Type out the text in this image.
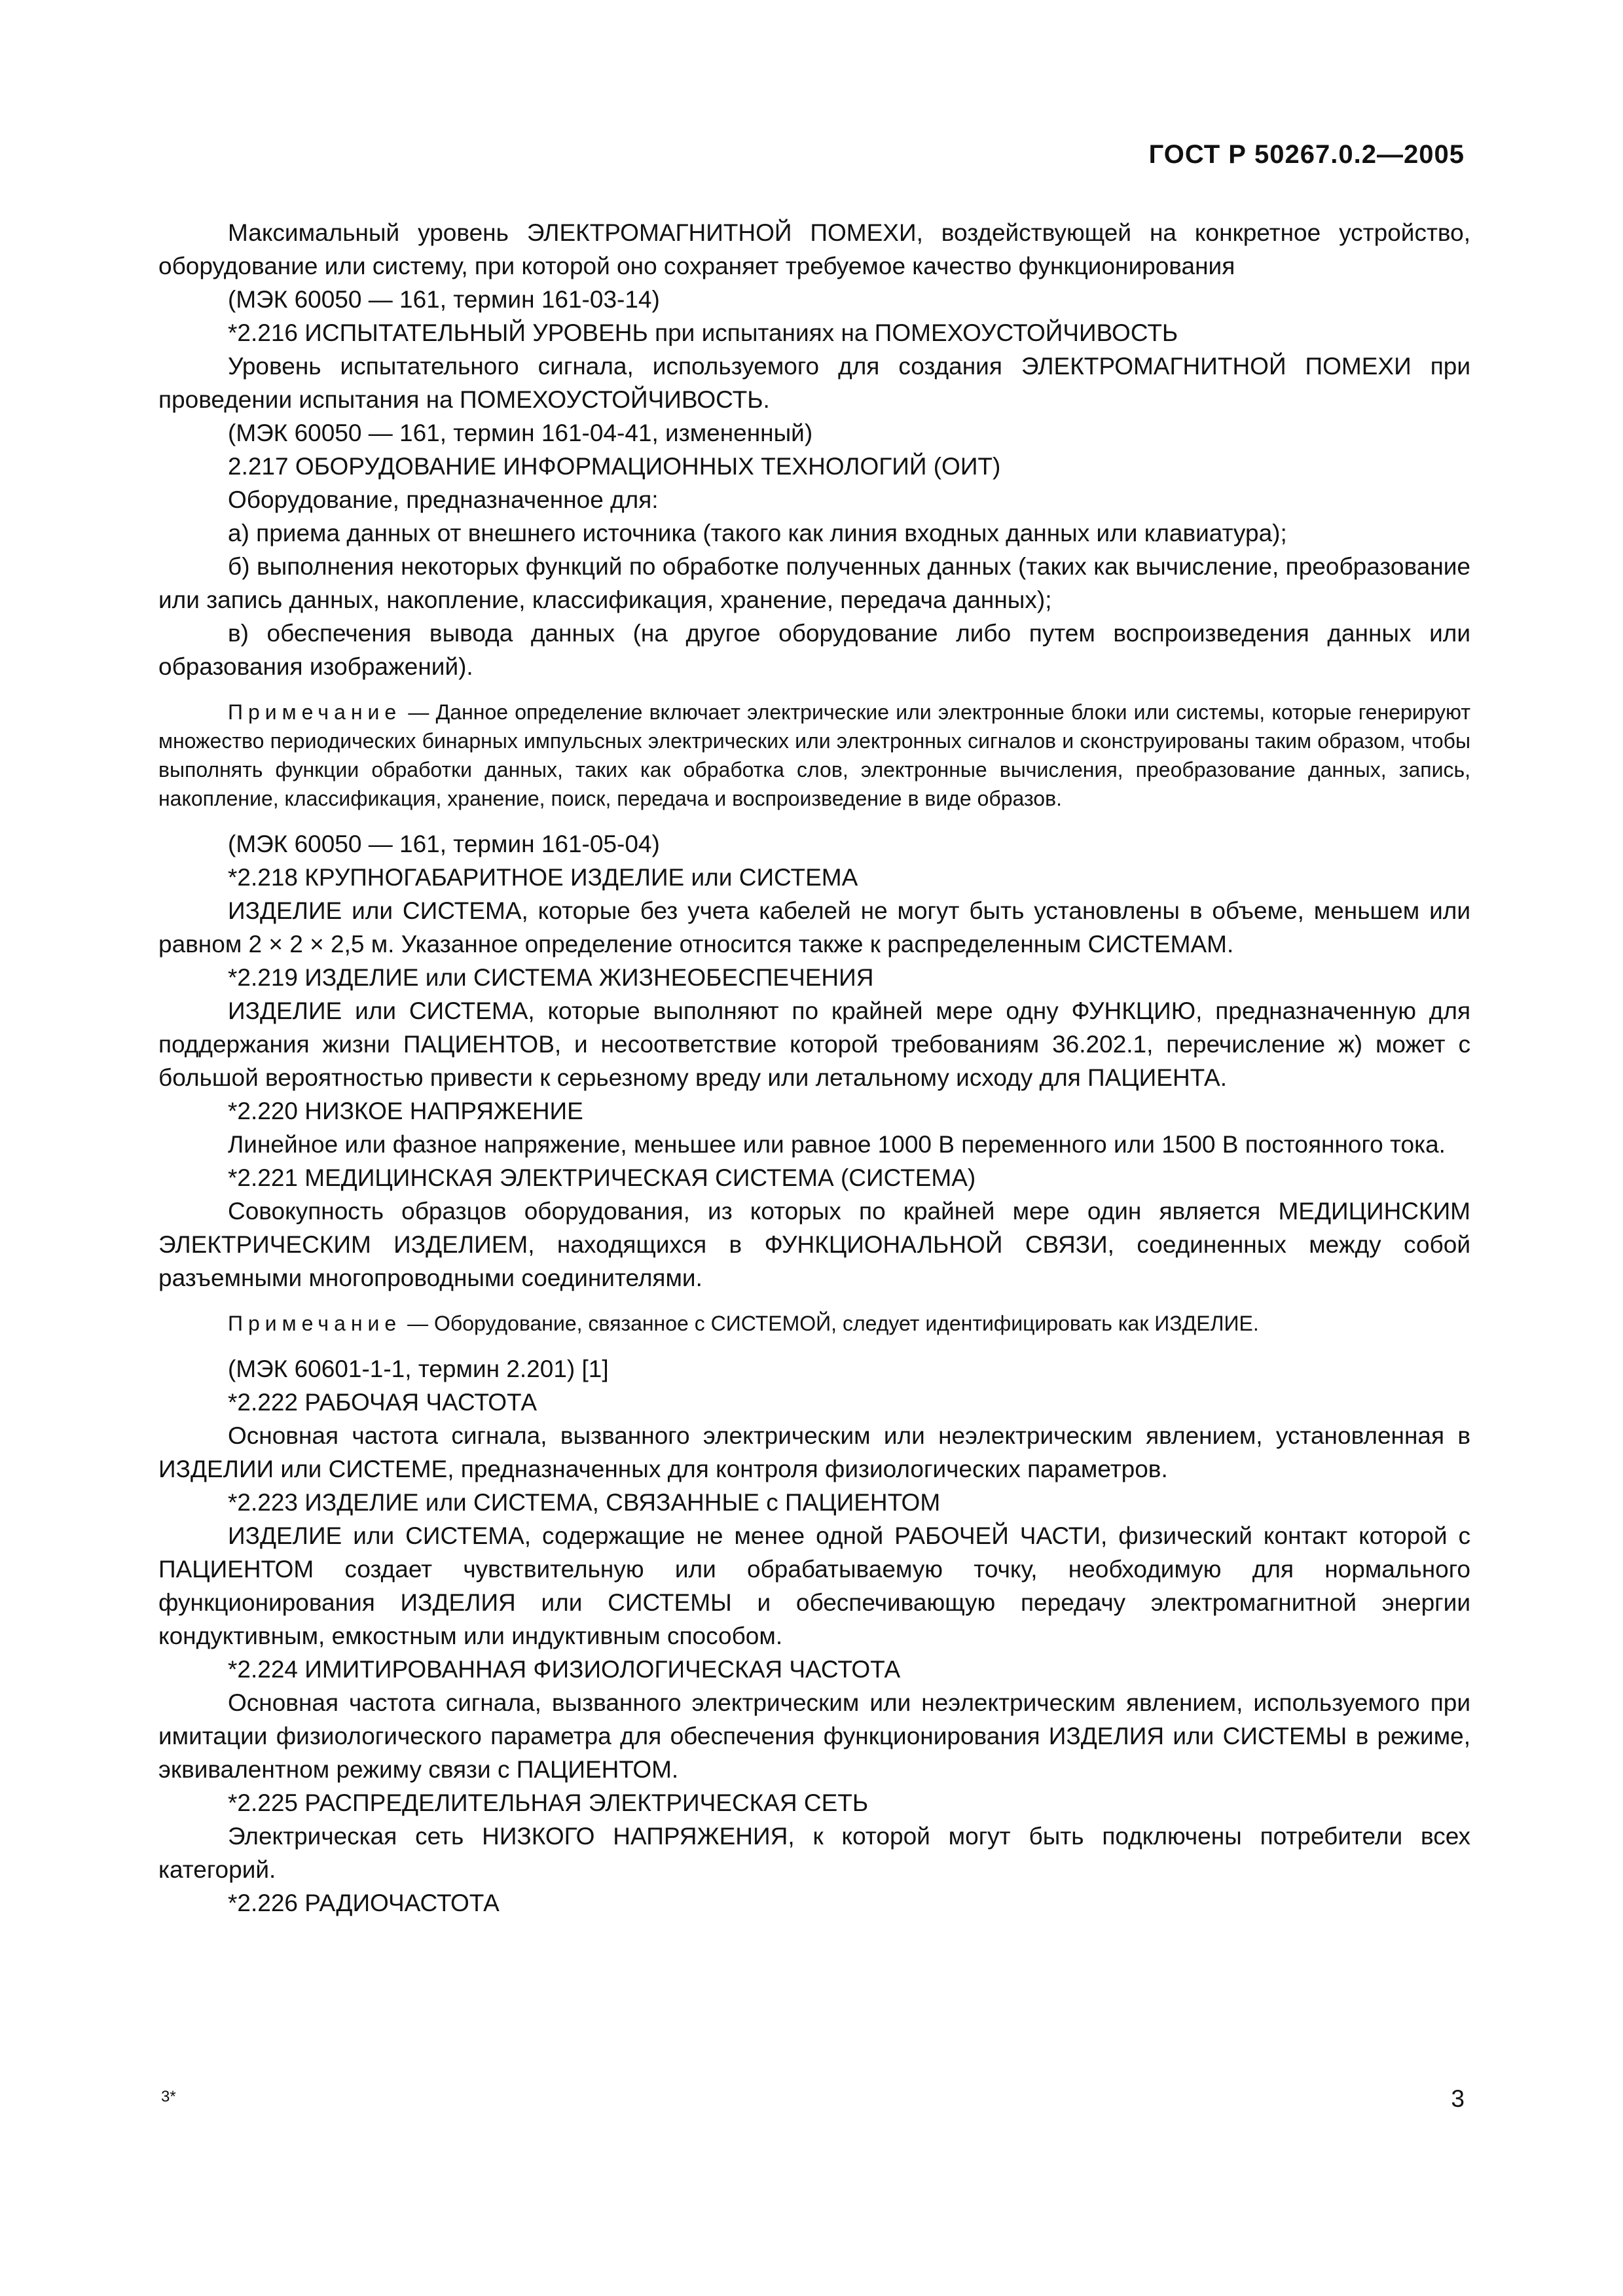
ГОСТ Р 50267.0.2—2005

Максимальный уровень ЭЛЕКТРОМАГНИТНОЙ ПОМЕХИ, воздействующей на конкретное устройство, оборудование или систему, при которой оно сохраняет требуемое качество функционирования

(МЭК 60050 — 161, термин 161-03-14)

*2.216 ИСПЫТАТЕЛЬНЫЙ УРОВЕНЬ при испытаниях на ПОМЕХОУСТОЙЧИВОСТЬ

Уровень испытательного сигнала, используемого для создания ЭЛЕКТРОМАГНИТНОЙ ПОМЕХИ при проведении испытания на ПОМЕХОУСТОЙЧИВОСТЬ.

(МЭК 60050 — 161, термин 161-04-41, измененный)

2.217 ОБОРУДОВАНИЕ ИНФОРМАЦИОННЫХ ТЕХНОЛОГИЙ (ОИТ)

Оборудование, предназначенное для:

а) приема данных от внешнего источника (такого как линия входных данных или клавиатура);

б) выполнения некоторых функций по обработке полученных данных (таких как вычисление, преобразование или запись данных, накопление, классификация, хранение, передача данных);

в) обеспечения вывода данных (на другое оборудование либо путем воспроизведения данных или образования изображений).

Примечание — Данное определение включает электрические или электронные блоки или системы, которые генерируют множество периодических бинарных импульсных электрических или электронных сигналов и сконструированы таким образом, чтобы выполнять функции обработки данных, таких как обработка слов, электронные вычисления, преобразование данных, запись, накопление, классификация, хранение, поиск, передача и воспроизведение в виде образов.

(МЭК 60050 — 161, термин 161-05-04)

*2.218 КРУПНОГАБАРИТНОЕ ИЗДЕЛИЕ или СИСТЕМА

ИЗДЕЛИЕ или СИСТЕМА, которые без учета кабелей не могут быть установлены в объеме, меньшем или равном 2 × 2 × 2,5 м. Указанное определение относится также к распределенным СИСТЕМАМ.

*2.219 ИЗДЕЛИЕ или СИСТЕМА ЖИЗНЕОБЕСПЕЧЕНИЯ

ИЗДЕЛИЕ или СИСТЕМА, которые выполняют по крайней мере одну ФУНКЦИЮ, предназначенную для поддержания жизни ПАЦИЕНТОВ, и несоответствие которой требованиям 36.202.1, перечисление ж) может с большой вероятностью привести к серьезному вреду или летальному исходу для ПАЦИЕНТА.

*2.220 НИЗКОЕ НАПРЯЖЕНИЕ

Линейное или фазное напряжение, меньшее или равное 1000 В переменного или 1500 В постоянного тока.

*2.221 МЕДИЦИНСКАЯ ЭЛЕКТРИЧЕСКАЯ СИСТЕМА (СИСТЕМА)

Совокупность образцов оборудования, из которых по крайней мере один является МЕДИЦИНСКИМ ЭЛЕКТРИЧЕСКИМ ИЗДЕЛИЕМ, находящихся в ФУНКЦИОНАЛЬНОЙ СВЯЗИ, соединенных между собой разъемными многопроводными соединителями.

Примечание — Оборудование, связанное с СИСТЕМОЙ, следует идентифицировать как ИЗДЕЛИЕ.

(МЭК 60601-1-1, термин 2.201) [1]

*2.222 РАБОЧАЯ ЧАСТОТА

Основная частота сигнала, вызванного электрическим или неэлектрическим явлением, установленная в ИЗДЕЛИИ или СИСТЕМЕ, предназначенных для контроля физиологических параметров.

*2.223 ИЗДЕЛИЕ или СИСТЕМА, СВЯЗАННЫЕ с ПАЦИЕНТОМ

ИЗДЕЛИЕ или СИСТЕМА, содержащие не менее одной РАБОЧЕЙ ЧАСТИ, физический контакт которой с ПАЦИЕНТОМ создает чувствительную или обрабатываемую точку, необходимую для нормального функционирования ИЗДЕЛИЯ или СИСТЕМЫ и обеспечивающую передачу электромагнитной энергии кондуктивным, емкостным или индуктивным способом.

*2.224 ИМИТИРОВАННАЯ ФИЗИОЛОГИЧЕСКАЯ ЧАСТОТА

Основная частота сигнала, вызванного электрическим или неэлектрическим явлением, используемого при имитации физиологического параметра для обеспечения функционирования ИЗДЕЛИЯ или СИСТЕМЫ в режиме, эквивалентном режиму связи с ПАЦИЕНТОМ.

*2.225 РАСПРЕДЕЛИТЕЛЬНАЯ ЭЛЕКТРИЧЕСКАЯ СЕТЬ

Электрическая сеть НИЗКОГО НАПРЯЖЕНИЯ, к которой могут быть подключены потребители всех категорий.

*2.226 РАДИОЧАСТОТА

3*	3
